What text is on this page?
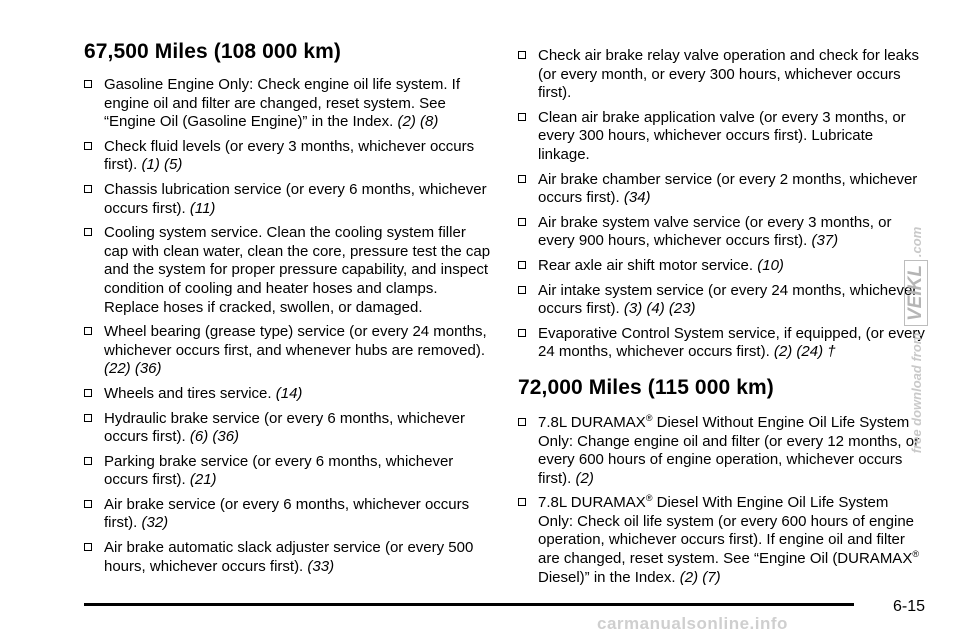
67,500 Miles (108 000 km)
Gasoline Engine Only: Check engine oil life system. If engine oil and filter are changed, reset system. See “Engine Oil (Gasoline Engine)” in the Index. (2) (8)
Check fluid levels (or every 3 months, whichever occurs first). (1) (5)
Chassis lubrication service (or every 6 months, whichever occurs first). (11)
Cooling system service. Clean the cooling system filler cap with clean water, clean the core, pressure test the cap and the system for proper pressure capability, and inspect condition of cooling and heater hoses and clamps. Replace hoses if cracked, swollen, or damaged.
Wheel bearing (grease type) service (or every 24 months, whichever occurs first, and whenever hubs are removed). (22) (36)
Wheels and tires service. (14)
Hydraulic brake service (or every 6 months, whichever occurs first). (6) (36)
Parking brake service (or every 6 months, whichever occurs first). (21)
Air brake service (or every 6 months, whichever occurs first). (32)
Air brake automatic slack adjuster service (or every 500 hours, whichever occurs first). (33)
Check air brake relay valve operation and check for leaks (or every month, or every 300 hours, whichever occurs first).
Clean air brake application valve (or every 3 months, or every 300 hours, whichever occurs first). Lubricate linkage.
Air brake chamber service (or every 2 months, whichever occurs first). (34)
Air brake system valve service (or every 3 months, or every 900 hours, whichever occurs first). (37)
Rear axle air shift motor service. (10)
Air intake system service (or every 24 months, whichever occurs first). (3) (4) (23)
Evaporative Control System service, if equipped, (or every 24 months, whichever occurs first). (2) (24) †
72,000 Miles (115 000 km)
7.8L DURAMAX® Diesel Without Engine Oil Life System Only: Change engine oil and filter (or every 12 months, or every 600 hours of engine operation, whichever occurs first). (2)
7.8L DURAMAX® Diesel With Engine Oil Life System Only: Check oil life system (or every 600 hours of engine operation, whichever occurs first). If engine oil and filter are changed, reset system. See “Engine Oil (DURAMAX® Diesel)” in the Index. (2) (7)
6-15
free download from VEIKL.com
carmanualsonline.info
